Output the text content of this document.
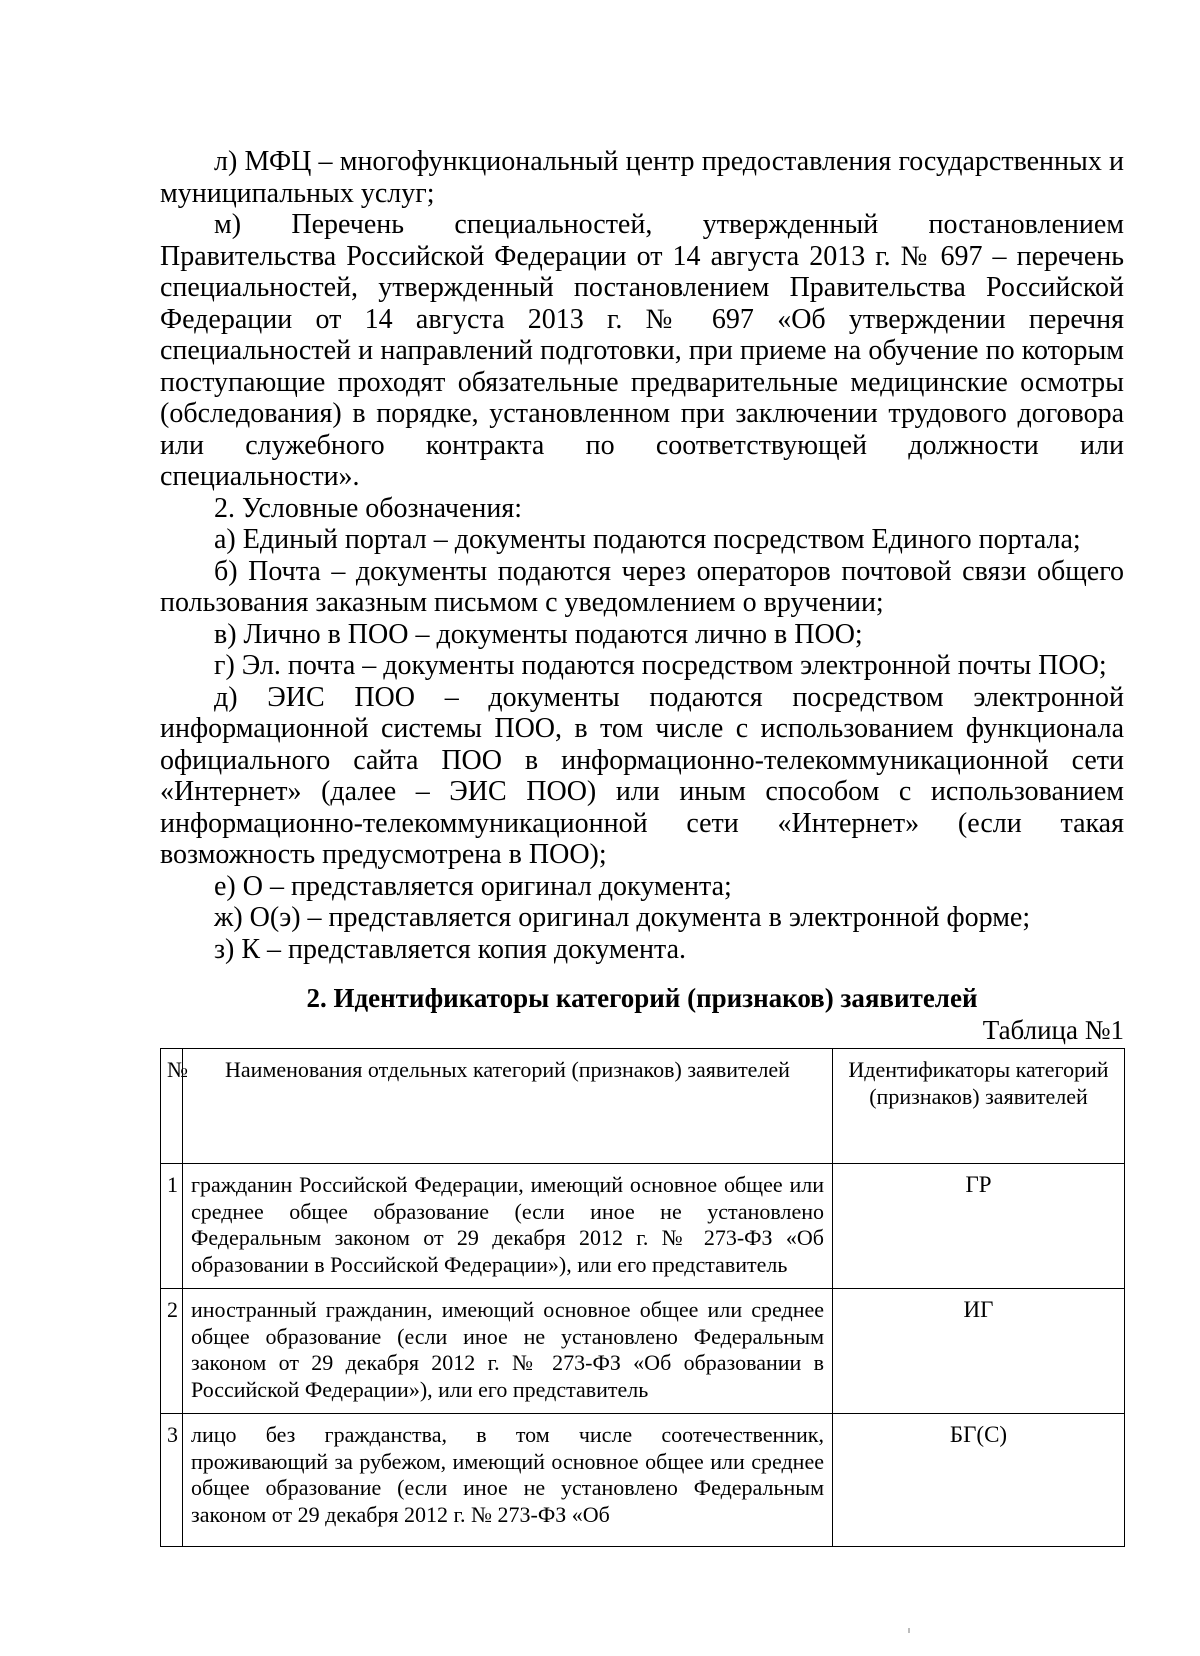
л) МФЦ – многофункциональный центр предоставления государственных и муниципальных услуг;

м) Перечень специальностей, утвержденный постановлением Правительства Российской Федерации от 14 августа 2013 г. № 697 – перечень специальностей, утвержденный постановлением Правительства Российской Федерации от 14 августа 2013 г. № 697 «Об утверждении перечня специальностей и направлений подготовки, при приеме на обучение по которым поступающие проходят обязательные предварительные медицинские осмотры (обследования) в порядке, установленном при заключении трудового договора или служебного контракта по соответствующей должности или специальности».

2. Условные обозначения:

а) Единый портал – документы подаются посредством Единого портала;

б) Почта – документы подаются через операторов почтовой связи общего пользования заказным письмом с уведомлением о вручении;

в) Лично в ПОО – документы подаются лично в ПОО;

г) Эл. почта – документы подаются посредством электронной почты ПОО;

д) ЭИС ПОО – документы подаются посредством электронной информационной системы ПОО, в том числе с использованием функционала официального сайта ПОО в информационно-телекоммуникационной сети «Интернет» (далее – ЭИС ПОО) или иным способом с использованием информационно-телекоммуникационной сети «Интернет» (если такая возможность предусмотрена в ПОО);

е) О – представляется оригинал документа;

ж) О(э) – представляется оригинал документа в электронной форме;

з) К – представляется копия документа.

2. Идентификаторы категорий (признаков) заявителей
Таблица №1
№	Наименования отдельных категорий (признаков) заявителей	Идентификаторы категорий (признаков) заявителей
1	гражданин Российской Федерации, имеющий основное общее или среднее общее образование (если иное не установлено Федеральным законом от 29 декабря 2012 г. № 273-ФЗ «Об образовании в Российской Федерации»), или его представитель	ГР
2	иностранный гражданин, имеющий основное общее или среднее общее образование (если иное не установлено Федеральным законом от 29 декабря 2012 г. № 273-ФЗ «Об образовании в Российской Федерации»), или его представитель	ИГ
3	лицо без гражданства, в том числе соотечественник, проживающий за рубежом, имеющий основное общее или среднее общее образование (если иное не установлено Федеральным законом от 29 декабря 2012 г. № 273-ФЗ «Об	БГ(С)
